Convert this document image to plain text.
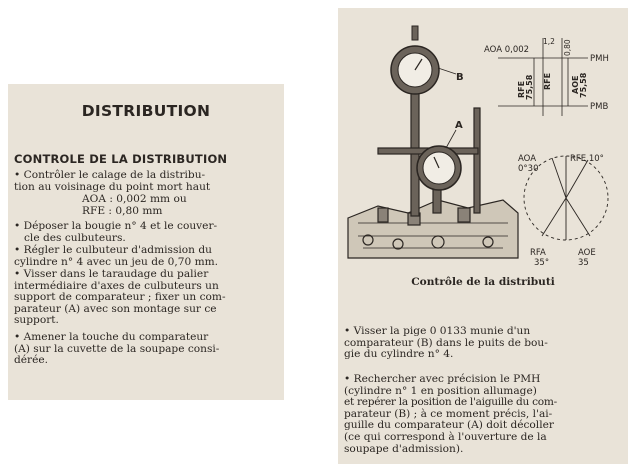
DISTRIBUTION
CONTROLE DE LA DISTRIBUTION
• Contrôler le calage de la distribu-
tion au voisinage du point mort haut
AOA : 0,002 mm ou
RFE : 0,80 mm
• Déposer la bougie n° 4 et le couver-
cle des culbuteurs.
• Régler le culbuteur d'admission du
cylindre n° 4 avec un jeu de 0,70 mm.
• Visser dans le taraudage du palier
intermédiaire d'axes de culbuteurs un
support de comparateur ; fixer un com-
parateur (A) avec son montage sur ce
support.
• Amener la touche du comparateur
(A) sur la cuvette de la soupape consi-
dérée.
B
A
AOA 0,002
1,2 0,80
PMH
PMB
RFE 75,58 RFE AOE 75,58
AOA
0°30
RFE 10°
RFA
35°
AOE
35
Contrôle de la distributi
• Visser la pige 0 0133 munie d'un
comparateur (B) dans le puits de bou-
gie du cylindre n° 4.
• Rechercher avec précision le PMH
(cylindre n° 1 en position allumage)
et repérer la position de l'aiguille du com-
parateur (B) ; à ce moment précis, l'ai-
guille du comparateur (A) doit décoller
(ce qui correspond à l'ouverture de la
soupape d'admission).
